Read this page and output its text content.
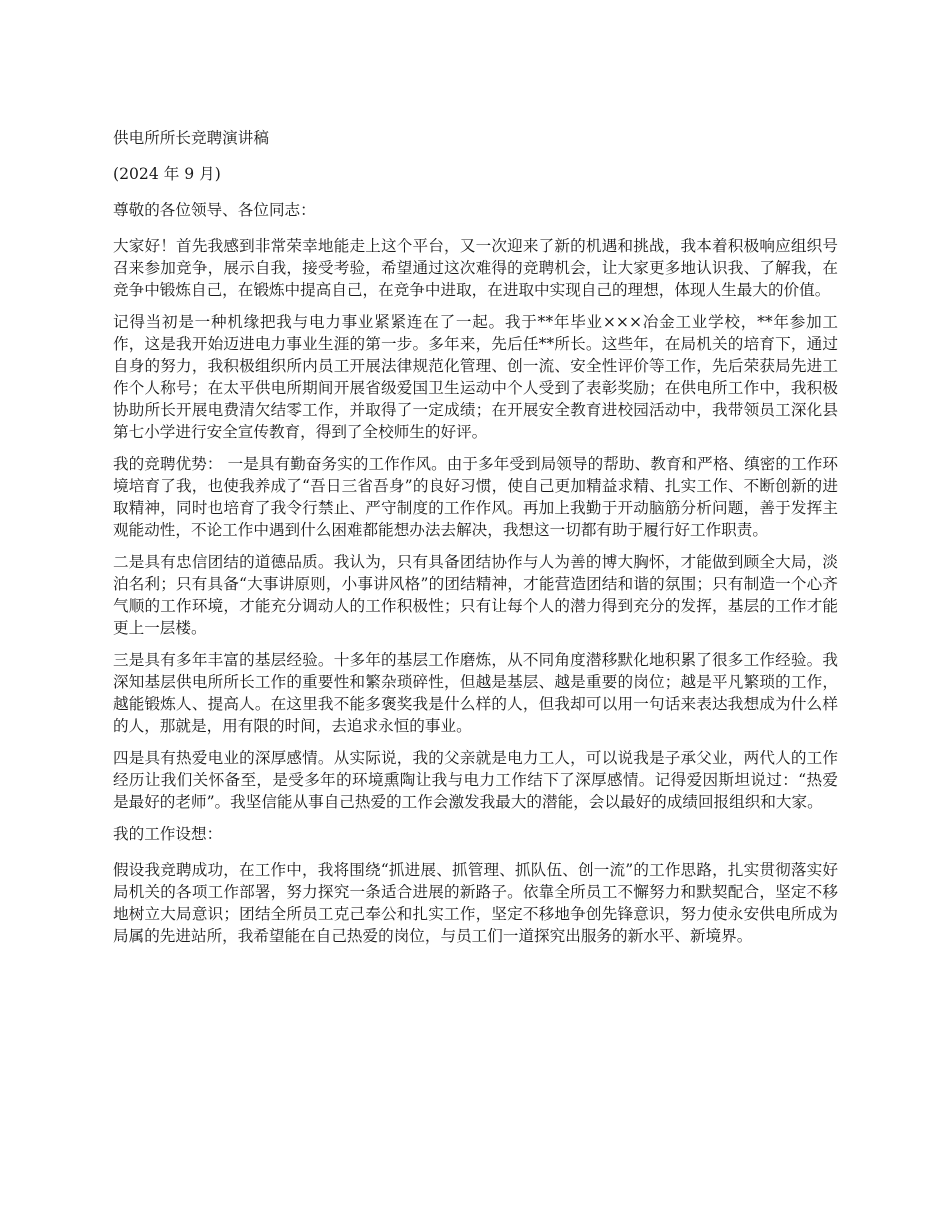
供电所所长竞聘演讲稿

(2024 年 9 月)

尊敬的各位领导、各位同志：

大家好！首先我感到非常荣幸地能走上这个平台，又一次迎来了新的机遇和挑战，我本着积极响应组织号召来参加竞争，展示自我，接受考验，希望通过这次难得的竞聘机会，让大家更多地认识我、了解我，在竞争中锻炼自己，在锻炼中提高自己，在竞争中进取，在进取中实现自己的理想，体现人生最大的价值。

记得当初是一种机缘把我与电力事业紧紧连在了一起。我于**年毕业×××冶金工业学校，**年参加工作，这是我开始迈进电力事业生涯的第一步。多年来，先后任**所长。这些年，在局机关的培育下，通过自身的努力，我积极组织所内员工开展法律规范化管理、创一流、安全性评价等工作，先后荣获局先进工作个人称号；在太平供电所期间开展省级爱国卫生运动中个人受到了表彰奖励；在供电所工作中，我积极协助所长开展电费清欠结零工作，并取得了一定成绩；在开展安全教育进校园活动中，我带领员工深化县第七小学进行安全宣传教育，得到了全校师生的好评。

我的竞聘优势： 一是具有勤奋务实的工作作风。由于多年受到局领导的帮助、教育和严格、缜密的工作环境培育了我，也使我养成了“吾日三省吾身”的良好习惯，使自己更加精益求精、扎实工作、不断创新的进取精神，同时也培育了我令行禁止、严守制度的工作作风。再加上我勤于开动脑筋分析问题，善于发挥主观能动性，不论工作中遇到什么困难都能想办法去解决，我想这一切都有助于履行好工作职责。

二是具有忠信团结的道德品质。我认为，只有具备团结协作与人为善的博大胸怀，才能做到顾全大局，淡泊名利；只有具备“大事讲原则，小事讲风格”的团结精神，才能营造团结和谐的氛围；只有制造一个心齐气顺的工作环境，才能充分调动人的工作积极性；只有让每个人的潜力得到充分的发挥，基层的工作才能更上一层楼。

三是具有多年丰富的基层经验。十多年的基层工作磨炼，从不同角度潜移默化地积累了很多工作经验。我深知基层供电所所长工作的重要性和繁杂琐碎性，但越是基层、越是重要的岗位；越是平凡繁琐的工作，越能锻炼人、提高人。在这里我不能多褒奖我是什么样的人，但我却可以用一句话来表达我想成为什么样的人，那就是，用有限的时间，去追求永恒的事业。

四是具有热爱电业的深厚感情。从实际说，我的父亲就是电力工人，可以说我是子承父业，两代人的工作经历让我们关怀备至，是受多年的环境熏陶让我与电力工作结下了深厚感情。记得爱因斯坦说过：“热爱是最好的老师”。我坚信能从事自己热爱的工作会激发我最大的潜能，会以最好的成绩回报组织和大家。

我的工作设想：

假设我竞聘成功，在工作中，我将围绕“抓进展、抓管理、抓队伍、创一流”的工作思路，扎实贯彻落实好局机关的各项工作部署，努力探究一条适合进展的新路子。依靠全所员工不懈努力和默契配合，坚定不移地树立大局意识；团结全所员工克己奉公和扎实工作，坚定不移地争创先锋意识，努力使永安供电所成为局属的先进站所，我希望能在自己热爱的岗位，与员工们一道探究出服务的新水平、新境界。
